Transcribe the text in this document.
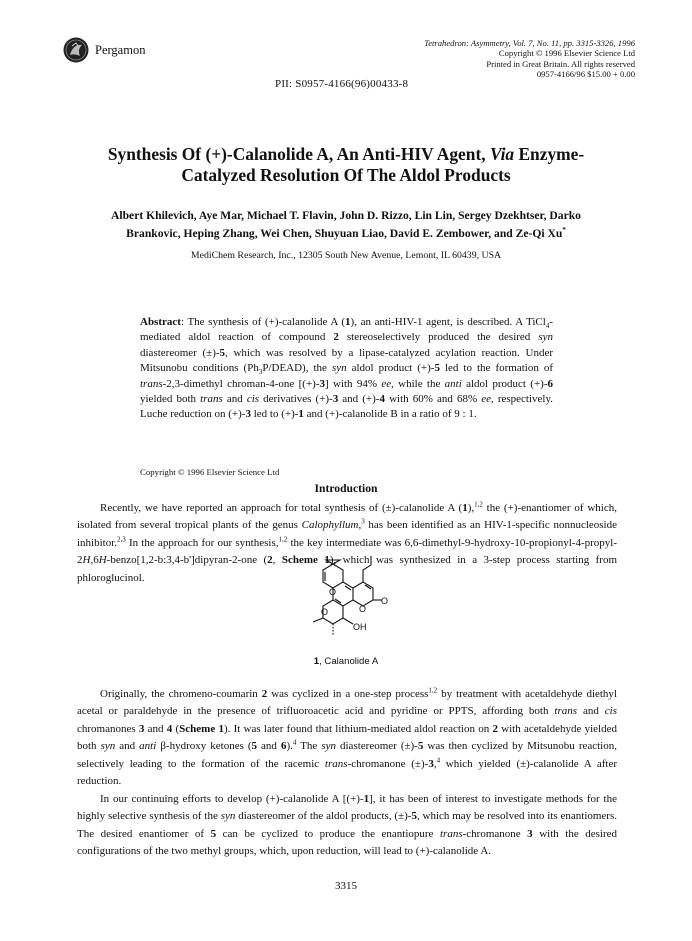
Pergamon	Tetrahedron: Asymmetry, Vol. 7, No. 11, pp. 3315-3326, 1996
Copyright © 1996 Elsevier Science Ltd
Printed in Great Britain. All rights reserved
0957-4166/96 $15.00 + 0.00
PII: S0957-4166(96)00433-8
Synthesis Of (+)-Calanolide A, An Anti-HIV Agent, Via Enzyme-
Catalyzed Resolution Of The Aldol Products
Albert Khilevich, Aye Mar, Michael T. Flavin, John D. Rizzo, Lin Lin, Sergey Dzekhtser, Darko
Brankovic, Heping Zhang, Wei Chen, Shuyuan Liao, David E. Zembower, and Ze-Qi Xu*
MediChem Research, Inc., 12305 South New Avenue, Lemont, IL 60439, USA
Abstract: The synthesis of (+)-calanolide A (1), an anti-HIV-1 agent, is described. A TiCl$_4$-mediated aldol reaction of compound 2 stereoselectively produced the desired syn diastereomer (±)-5, which was resolved by a lipase-catalyzed acylation reaction. Under Mitsunobu conditions $(Ph_3P/DEAD)$, the syn aldol product (+)-5 led to the formation of trans-2,3-dimethyl chroman-4-one [(+)-3] with 94% ee, while the anti aldol product (+)-6 yielded both trans and cis derivatives (+)-3 and (+)-4 with 60% and 68% ee, respectively. Luche reduction on (+)-3 led to (+)-1 and (+)-calanolide B in a ratio of 9 : 1.
Copyright © 1996 Elsevier Science Ltd
Introduction
Recently, we have reported an approach for total synthesis of (±)-calanolide A (1),$^{1,2}$ the (+)-enantiomer of which, isolated from several tropical plants of the genus Calophyllum,$^3$ has been identified as an HIV-1-specific nonnucleoside inhibitor.$^{2,3}$ In the approach for our synthesis,$^{1,2}$ the key intermediate was 6,6-dimethyl-9-hydroxy-10-propionyl-4-propyl-2H,6H-benzo[1,2-b:3,4-b']dipyran-2-one (2, Scheme 1), which was synthesized in a 3-step process starting from phloroglucinol.
O
O	O
O
OH
1, Calanolide A
Originally, the chromeno-coumarin 2 was cyclized in a one-step process$^{1,2}$ by treatment with acetaldehyde diethyl acetal or paraldehyde in the presence of trifluoroacetic acid and pyridine or PPTS, affording both trans and cis chromanones 3 and 4 (Scheme 1). It was later found that lithium-mediated aldol reaction on 2 with acetaldehyde yielded both syn and anti β-hydroxy ketones (5 and 6).$^4$ The syn diastereomer (±)-5 was then cyclized by Mitsunobu reaction, selectively leading to the formation of the racemic trans-chromanone (±)-3,$^4$ which yielded (±)-calanolide A after reduction.
In our continuing efforts to develop (+)-calanolide A [(+)-1], it has been of interest to investigate methods for the highly selective synthesis of the syn diastereomer of the aldol products, (±)-5, which may be resolved into its enantiomers. The desired enantiomer of 5 can be cyclized to produce the enantiopure trans-chromanone 3 with the desired configurations of the two methyl groups, which, upon reduction, will lead to (+)-calanolide A.
3315
